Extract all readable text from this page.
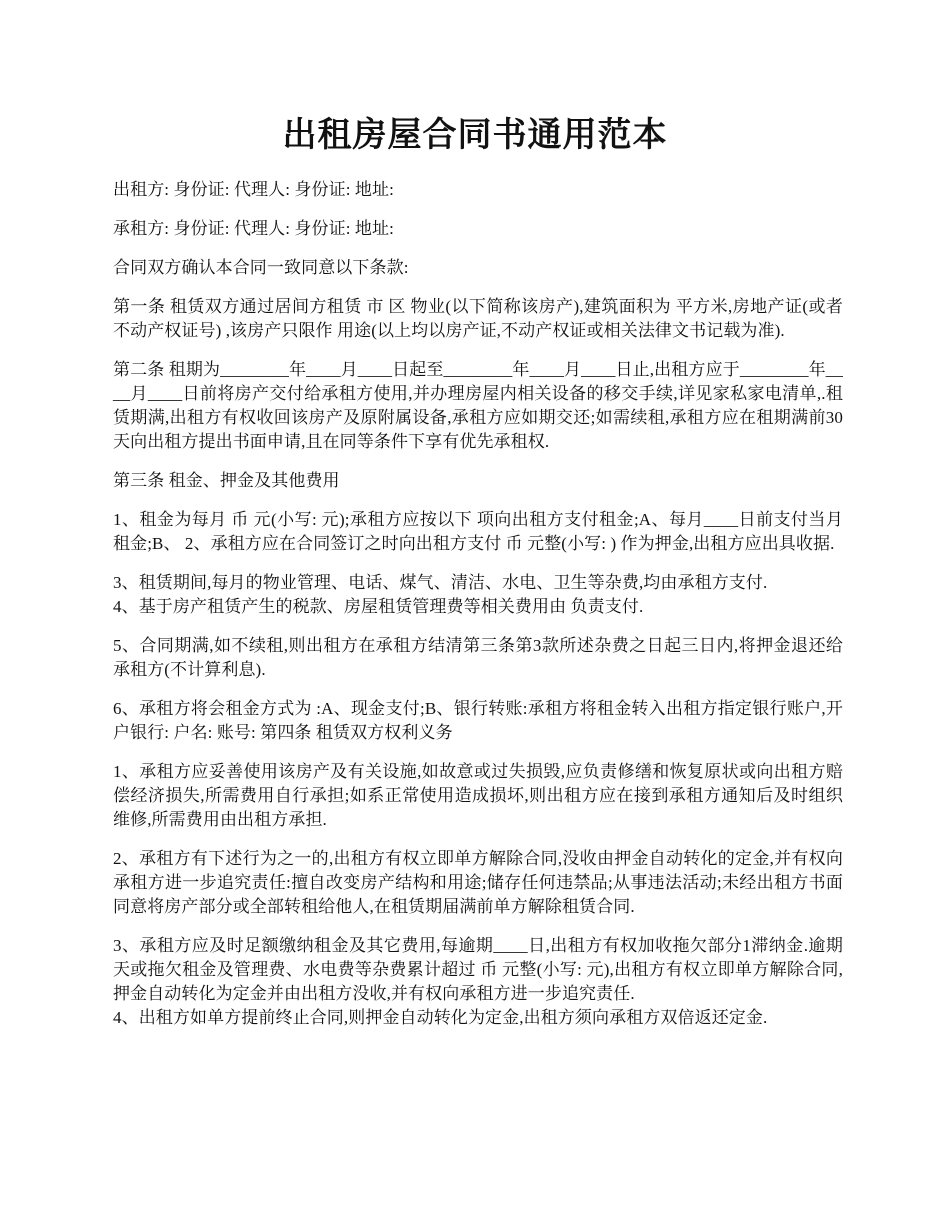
出租房屋合同书通用范本

出租方: 身份证: 代理人: 身份证: 地址:

承租方: 身份证: 代理人: 身份证: 地址:

合同双方确认本合同一致同意以下条款:

第一条 租赁双方通过居间方租赁 市 区 物业(以下简称该房产),建筑面积为 平方米,房地产证(或者不动产权证号) ,该房产只限作 用途(以上均以房产证,不动产权证或相关法律文书记载为准).

第二条 租期为________年____月____日起至________年____月____日止,出租方应于________年____月____日前将房产交付给承租方使用,并办理房屋内相关设备的移交手续,详见家私家电清单,.租赁期满,出租方有权收回该房产及原附属设备,承租方应如期交还;如需续租,承租方应在租期满前30天向出租方提出书面申请,且在同等条件下享有优先承租权.

第三条 租金、押金及其他费用

1、租金为每月 币 元(小写: 元);承租方应按以下 项向出租方支付租金;A、每月____日前支付当月租金;B、 2、承租方应在合同签订之时向出租方支付 币 元整(小写: ) 作为押金,出租方应出具收据.

3、租赁期间,每月的物业管理、电话、煤气、清洁、水电、卫生等杂费,均由承租方支付.

4、基于房产租赁产生的税款、房屋租赁管理费等相关费用由 负责支付.

5、合同期满,如不续租,则出租方在承租方结清第三条第3款所述杂费之日起三日内,将押金退还给承租方(不计算利息).

6、承租方将会租金方式为 :A、现金支付;B、银行转账:承租方将租金转入出租方指定银行账户,开户银行: 户名: 账号: 第四条 租赁双方权利义务

1、承租方应妥善使用该房产及有关设施,如故意或过失损毁,应负责修缮和恢复原状或向出租方赔偿经济损失,所需费用自行承担;如系正常使用造成损坏,则出租方应在接到承租方通知后及时组织维修,所需费用由出租方承担.

2、承租方有下述行为之一的,出租方有权立即单方解除合同,没收由押金自动转化的定金,并有权向承租方进一步追究责任:擅自改变房产结构和用途;储存任何违禁品;从事违法活动;未经出租方书面同意将房产部分或全部转租给他人,在租赁期届满前单方解除租赁合同.

3、承租方应及时足额缴纳租金及其它费用,每逾期____日,出租方有权加收拖欠部分1滞纳金.逾期 天或拖欠租金及管理费、水电费等杂费累计超过 币 元整(小写: 元),出租方有权立即单方解除合同,押金自动转化为定金并由出租方没收,并有权向承租方进一步追究责任.

4、出租方如单方提前终止合同,则押金自动转化为定金,出租方须向承租方双倍返还定金.
